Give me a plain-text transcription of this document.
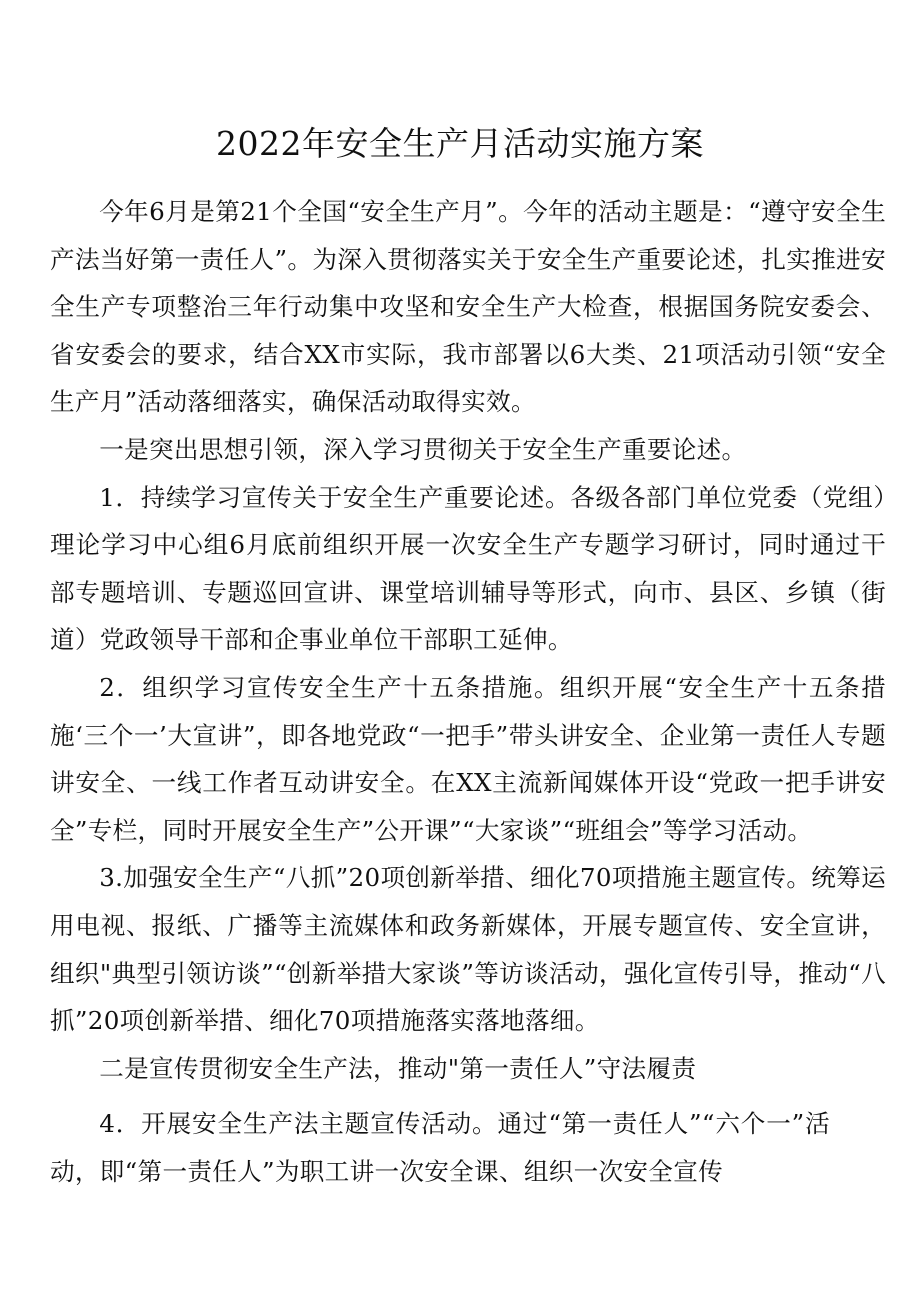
2022年安全生产月活动实施方案

今年6月是第21个全国“安全生产月”。今年的活动主题是：“遵守安全生产法当好第一责任人”。为深入贯彻落实关于安全生产重要论述，扎实推进安全生产专项整治三年行动集中攻坚和安全生产大检查，根据国务院安委会、省安委会的要求，结合XX市实际，我市部署以6大类、21项活动引领“安全生产月”活动落细落实，确保活动取得实效。

一是突出思想引领，深入学习贯彻关于安全生产重要论述。

1．持续学习宣传关于安全生产重要论述。各级各部门单位党委（党组）理论学习中心组6月底前组织开展一次安全生产专题学习研讨，同时通过干部专题培训、专题巡回宣讲、课堂培训辅导等形式，向市、县区、乡镇（街道）党政领导干部和企事业单位干部职工延伸。

2．组织学习宣传安全生产十五条措施。组织开展“安全生产十五条措施‘三个一’大宣讲”，即各地党政“一把手”带头讲安全、企业第一责任人专题讲安全、一线工作者互动讲安全。在XX主流新闻媒体开设“党政一把手讲安全”专栏，同时开展安全生产”公开课”“大家谈”“班组会”等学习活动。

3.加强安全生产“八抓”20项创新举措、细化70项措施主题宣传。统筹运用电视、报纸、广播等主流媒体和政务新媒体，开展专题宣传、安全宣讲，组织"典型引领访谈”“创新举措大家谈”等访谈活动，强化宣传引导，推动“八抓”20项创新举措、细化70项措施落实落地落细。

二是宣传贯彻安全生产法，推动"第一责任人”守法履责

4．开展安全生产法主题宣传活动。通过“第一责任人”“六个一”活动，即“第一责任人”为职工讲一次安全课、组织一次安全宣传
